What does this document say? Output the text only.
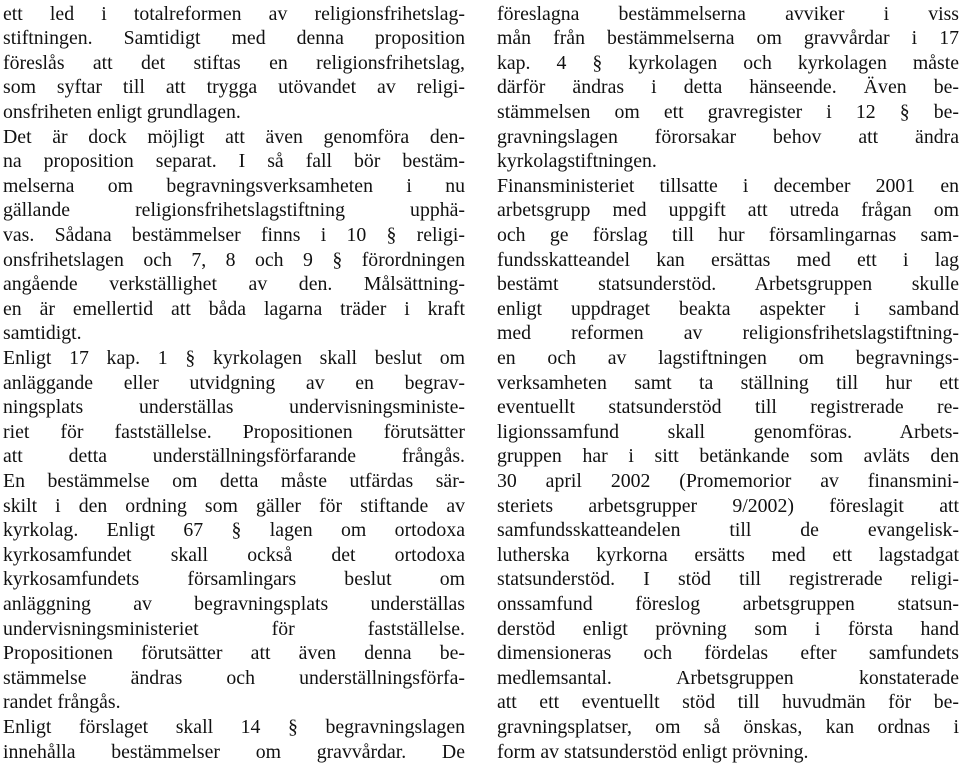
ett led i totalreformen av religionsfrihetslag-
stiftningen. Samtidigt med denna proposition
föreslås att det stiftas en religionsfrihetslag,
som syftar till att trygga utövandet av religi-
onsfriheten enligt grundlagen.
Det är dock möjligt att även genomföra den-
na proposition separat. I så fall bör bestäm-
melserna om begravningsverksamheten i nu
gällande religionsfrihetslagstiftning upphä-
vas. Sådana bestämmelser finns i 10 § religi-
onsfrihetslagen och 7, 8 och 9 § förordningen
angående verkställighet av den. Målsättning-
en är emellertid att båda lagarna träder i kraft
samtidigt.
Enligt 17 kap. 1 § kyrkolagen skall beslut om
anläggande eller utvidgning av en begrav-
ningsplats underställas undervisningsministe-
riet för fastställelse. Propositionen förutsätter
att detta underställningsförfarande frångås.
En bestämmelse om detta måste utfärdas sär-
skilt i den ordning som gäller för stiftande av
kyrkolag. Enligt 67 § lagen om ortodoxa
kyrkosamfundet skall också det ortodoxa
kyrkosamfundets församlingars beslut om
anläggning av begravningsplats underställas
undervisningsministeriet för fastställelse.
Propositionen förutsätter att även denna be-
stämmelse ändras och underställningsförfa-
randet frångås.
Enligt förslaget skall 14 § begravningslagen
innehålla bestämmelser om gravvårdar. De
föreslagna bestämmelserna avviker i viss
mån från bestämmelserna om gravvårdar i 17
kap. 4 § kyrkolagen och kyrkolagen måste
därför ändras i detta hänseende. Även be-
stämmelsen om ett gravregister i 12 § be-
gravningslagen förorsakar behov att ändra
kyrkolagstiftningen.
Finansministeriet tillsatte i december 2001 en
arbetsgrupp med uppgift att utreda frågan om
och ge förslag till hur församlingarnas sam-
fundsskatteandel kan ersättas med ett i lag
bestämt statsunderstöd. Arbetsgruppen skulle
enligt uppdraget beakta aspekter i samband
med reformen av religionsfrihetslagstiftning-
en och av lagstiftningen om begravnings-
verksamheten samt ta ställning till hur ett
eventuellt statsunderstöd till registrerade re-
ligionssamfund skall genomföras. Arbets-
gruppen har i sitt betänkande som avläts den
30 april 2002 (Promemorior av finansmini-
steriets arbetsgrupper 9/2002) föreslagit att
samfundsskatteandelen till de evangelisk-
lutherska kyrkorna ersätts med ett lagstadgat
statsunderstöd. I stöd till registrerade religi-
onssamfund föreslog arbetsgruppen statsun-
derstöd enligt prövning som i första hand
dimensioneras och fördelas efter samfundets
medlemsantal. Arbetsgruppen konstaterade
att ett eventuellt stöd till huvudmän för be-
gravningsplatser, om så önskas, kan ordnas i
form av statsunderstöd enligt prövning.
